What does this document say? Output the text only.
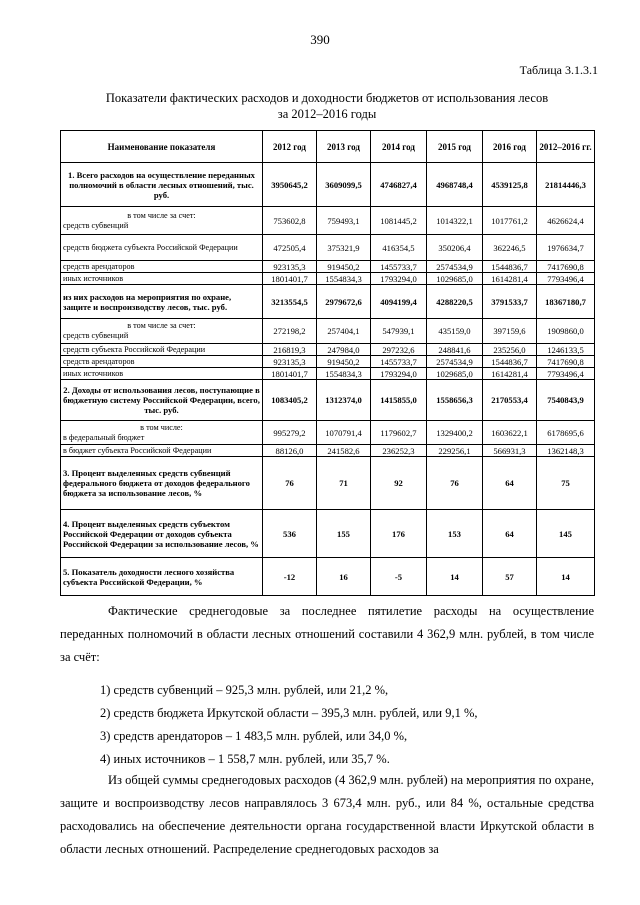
390
Таблица 3.1.3.1
Показатели фактических расходов и доходности бюджетов от использования лесов
за 2012–2016 годы
Наименование показателя	2012 год	2013 год	2014 год	2015 год	2016 год	2012–2016 гг.
1. Всего расходов на осуществление переданных полномочий в области лесных отношений, тыс. руб.	3950645,2	3609099,5	4746827,4	4968748,4	4539125,8	21814446,3

в том числе за счет:
средств субвенций	753602,8	759493,1	1081445,2	1014322,1	1017761,2	4626624,4
средств бюджета субъекта Российской Федерации	472505,4	375321,9	416354,5	350206,4	362246,5	1976634,7
средств арендаторов	923135,3	919450,2	1455733,7	2574534,9	1544836,7	7417690,8
иных источников	1801401,7	1554834,3	1793294,0	1029685,0	1614281,4	7793496,4
из них расходов на мероприятия по охране, защите и воспроизводству лесов, тыс. руб.	3213554,5	2979672,6	4094199,4	4288220,5	3791533,7	18367180,7

в том числе за счет:
средств субвенций	272198,2	257404,1	547939,1	435159,0	397159,6	1909860,0
средств субъекта Российской Федерации	216819,3	247984,0	297232,6	248841,6	235256,0	1246133,5
средств арендаторов	923135,3	919450,2	1455733,7	2574534,9	1544836,7	7417690,8
иных источников	1801401,7	1554834,3	1793294,0	1029685,0	1614281,4	7793496,4
2. Доходы от использования лесов, поступающие в бюджетную систему Российской Федерации, всего, тыс. руб.	1083405,2	1312374,0	1415855,0	1558656,3	2170553,4	7540843,9

в том числе:
в федеральный бюджет	995279,2	1070791,4	1179602,7	1329400,2	1603622,1	6178695,6
в бюджет субъекта Российской Федерации	88126,0	241582,6	236252,3	229256,1	566931,3	1362148,3
3. Процент выделенных средств субвенций федерального бюджета от доходов федерального бюджета за использование лесов, %	76	71	92	76	64	75
4. Процент выделенных средств субъектом Российской Федерации от доходов субъекта Российской Федерации за использование лесов, %	536	155	176	153	64	145
5. Показатель доходности лесного хозяйства субъекта Российской Федерации, %	-12	16	-5	14	57	14
Фактические среднегодовые за последнее пятилетие расходы на осуществление переданных полномочий в области лесных отношений составили 4 362,9 млн. рублей, в том числе за счёт:
1) средств субвенций – 925,3 млн. рублей, или 21,2 %,
2) средств бюджета Иркутской области – 395,3 млн. рублей, или 9,1 %,
3) средств арендаторов – 1 483,5 млн. рублей, или 34,0 %,
4) иных источников – 1 558,7 млн. рублей, или 35,7 %.
Из общей суммы среднегодовых расходов (4 362,9 млн. рублей) на мероприятия по охране, защите и воспроизводству лесов направлялось 3 673,4 млн. руб., или 84 %, остальные средства расходовались на обеспечение деятельности органа государственной власти Иркутской области в области лесных отношений. Распределение среднегодовых расходов за
